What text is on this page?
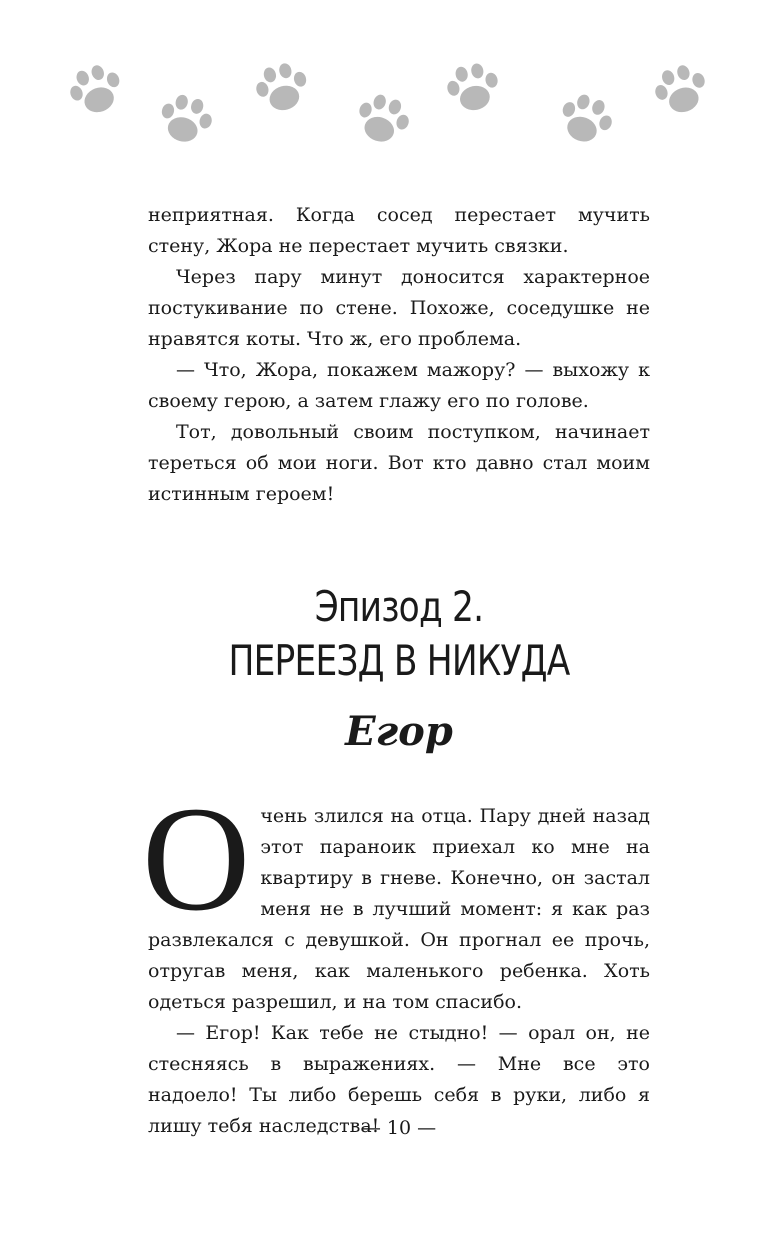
неприятная. Когда сосед перестает мучить стену, Жора не перестает мучить связки.

Через пару минут доносится характерное постукивание по стене. Похоже, соседушке не нравятся коты. Что ж, его проблема.

— Что, Жора, покажем мажору? — выхожу к своему герою, а затем глажу его по голове.

Тот, довольный своим поступком, начинает тереться об мои ноги. Вот кто давно стал моим истинным героем!

Эпизод 2.
ПЕРЕЕЗД В НИКУДА
Егор

Очень злился на отца. Пару дней назад этот параноик приехал ко мне на квартиру в гневе. Конечно, он застал меня не в лучший момент: я как раз развлекался с девушкой. Он прогнал ее прочь, отругав меня, как маленького ребенка. Хоть одеться разрешил, и на том спасибо.

— Егор! Как тебе не стыдно! — орал он, не стесняясь в выражениях. — Мне все это надоело! Ты либо берешь себя в руки, либо я лишу тебя наследства!

— 10 —
